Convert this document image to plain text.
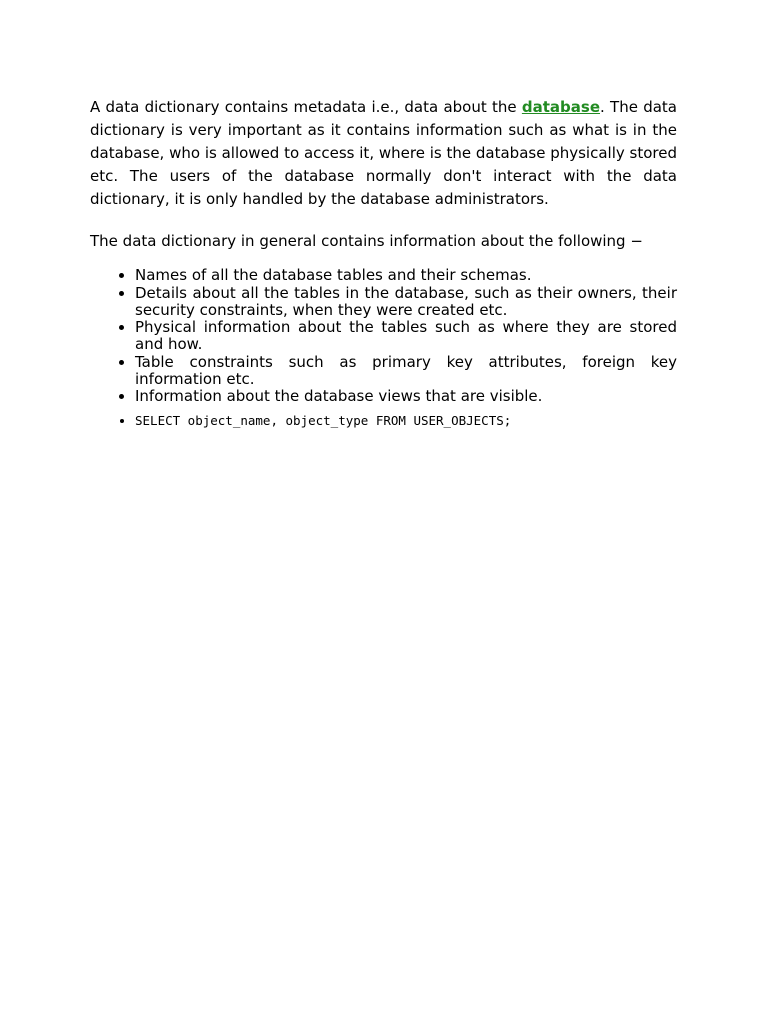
A data dictionary contains metadata i.e., data about the database. The data dictionary is very important as it contains information such as what is in the database, who is allowed to access it, where is the database physically stored etc. The users of the database normally don't interact with the data dictionary, it is only handled by the database administrators.

The data dictionary in general contains information about the following −

• Names of all the database tables and their schemas.
• Details about all the tables in the database, such as their owners, their security constraints, when they were created etc.
• Physical information about the tables such as where they are stored and how.
• Table constraints such as primary key attributes, foreign key information etc.
• Information about the database views that are visible.
• SELECT object_name, object_type FROM USER_OBJECTS;
